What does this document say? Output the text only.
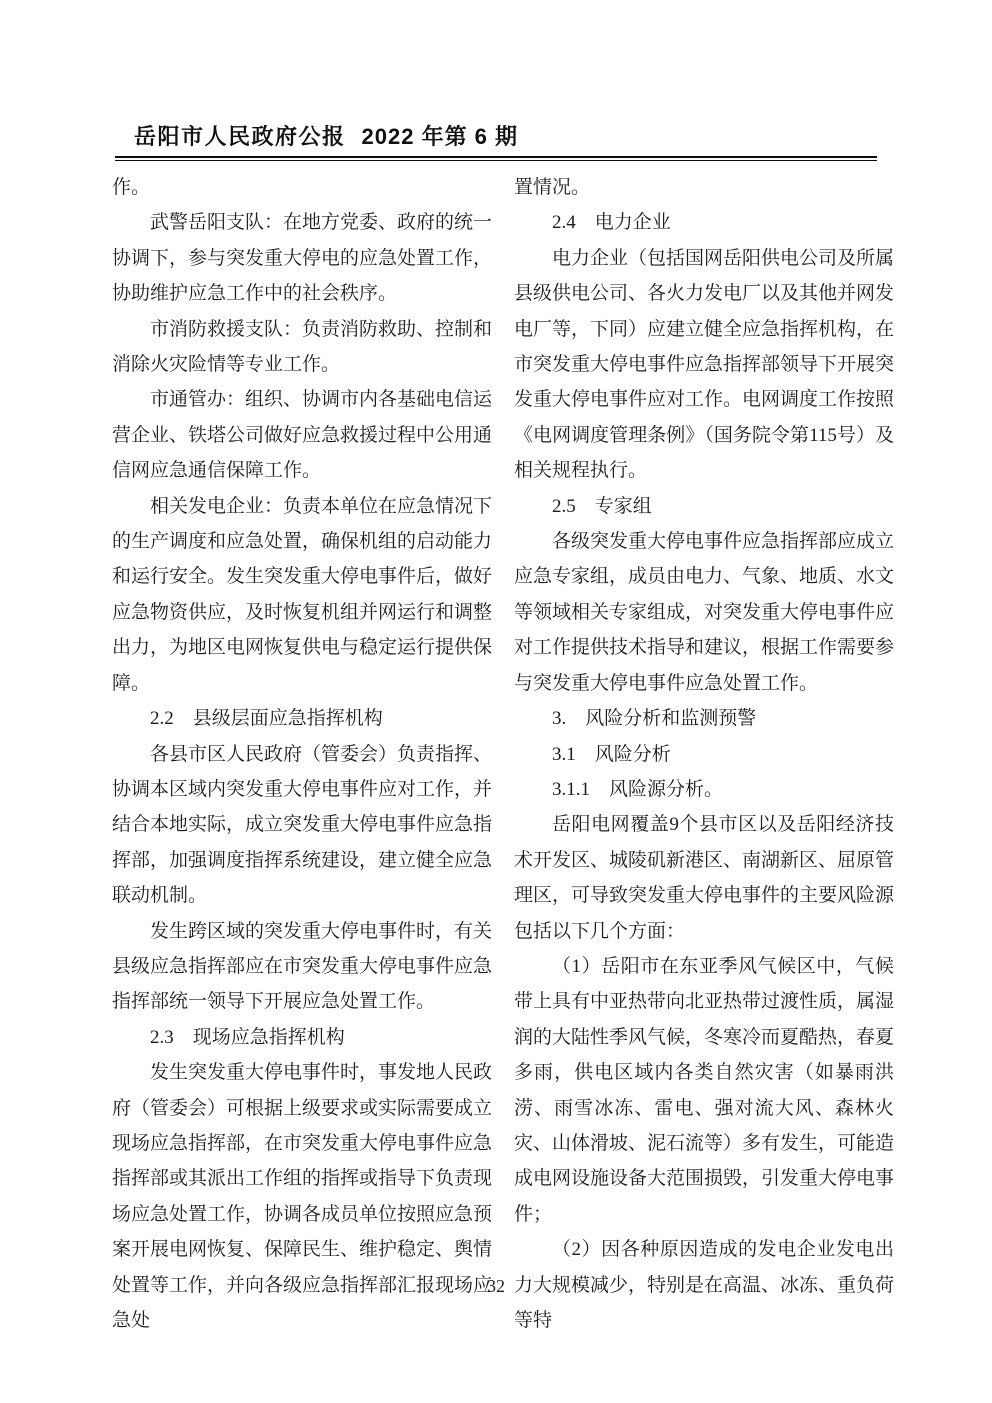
岳阳市人民政府公报 2022 年第 6 期

作。

武警岳阳支队：在地方党委、政府的统一协调下，参与突发重大停电的应急处置工作，协助维护应急工作中的社会秩序。

市消防救援支队：负责消防救助、控制和消除火灾险情等专业工作。

市通管办：组织、协调市内各基础电信运营企业、铁塔公司做好应急救援过程中公用通信网应急通信保障工作。

相关发电企业：负责本单位在应急情况下的生产调度和应急处置，确保机组的启动能力和运行安全。发生突发重大停电事件后，做好应急物资供应，及时恢复机组并网运行和调整出力，为地区电网恢复供电与稳定运行提供保障。

2.2　县级层面应急指挥机构

各县市区人民政府（管委会）负责指挥、协调本区域内突发重大停电事件应对工作，并结合本地实际，成立突发重大停电事件应急指挥部，加强调度指挥系统建设，建立健全应急联动机制。

发生跨区域的突发重大停电事件时，有关县级应急指挥部应在市突发重大停电事件应急指挥部统一领导下开展应急处置工作。

2.3　现场应急指挥机构

发生突发重大停电事件时，事发地人民政府（管委会）可根据上级要求或实际需要成立现场应急指挥部，在市突发重大停电事件应急指挥部或其派出工作组的指挥或指导下负责现场应急处置工作，协调各成员单位按照应急预案开展电网恢复、保障民生、维护稳定、舆情处置等工作，并向各级应急指挥部汇报现场应急处

置情况。

2.4　电力企业

电力企业（包括国网岳阳供电公司及所属县级供电公司、各火力发电厂以及其他并网发电厂等，下同）应建立健全应急指挥机构，在市突发重大停电事件应急指挥部领导下开展突发重大停电事件应对工作。电网调度工作按照《电网调度管理条例》（国务院令第115号）及相关规程执行。

2.5　专家组

各级突发重大停电事件应急指挥部应成立应急专家组，成员由电力、气象、地质、水文等领域相关专家组成，对突发重大停电事件应对工作提供技术指导和建议，根据工作需要参与突发重大停电事件应急处置工作。

3.　风险分析和监测预警

3.1　风险分析

3.1.1　风险源分析。

岳阳电网覆盖9个县市区以及岳阳经济技术开发区、城陵矶新港区、南湖新区、屈原管理区，可导致突发重大停电事件的主要风险源包括以下几个方面：

（1）岳阳市在东亚季风气候区中，气候带上具有中亚热带向北亚热带过渡性质，属湿润的大陆性季风气候，冬寒冷而夏酷热，春夏多雨，供电区域内各类自然灾害（如暴雨洪涝、雨雪冰冻、雷电、强对流大风、森林火灾、山体滑坡、泥石流等）多有发生，可能造成电网设施设备大范围损毁，引发重大停电事件；

（2）因各种原因造成的发电企业发电出力大规模减少，特别是在高温、冰冻、重负荷等特

32
